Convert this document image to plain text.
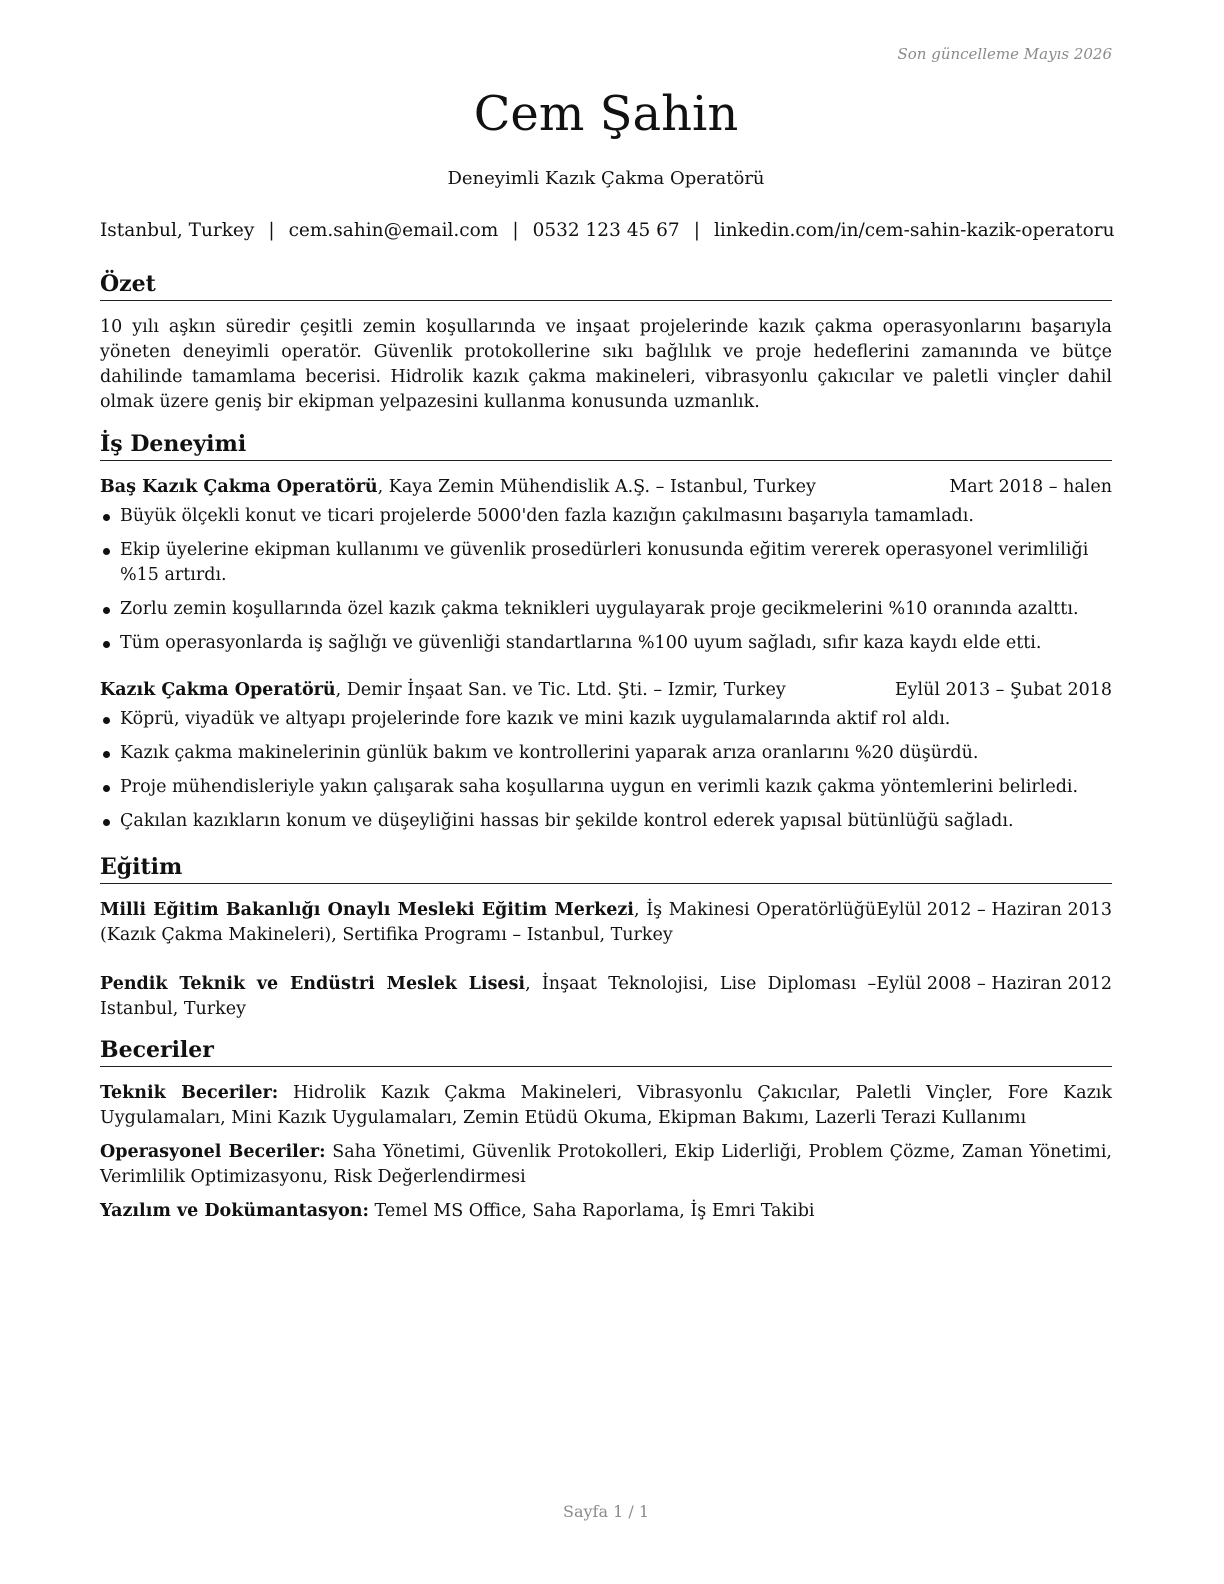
Son güncelleme Mayıs 2026
Cem Şahin
Deneyimli Kazık Çakma Operatörü
Istanbul, Turkey | cem.sahin@email.com | 0532 123 45 67 | linkedin.com/in/cem-sahin-kazik-operatoru
Özet

10 yılı aşkın süredir çeşitli zemin koşullarında ve inşaat projelerinde kazık çakma operasyonlarını başarıyla yöneten deneyimli operatör. Güvenlik protokollerine sıkı bağlılık ve proje hedeflerini zamanında ve bütçe dahilinde tamamlama becerisi. Hidrolik kazık çakma makineleri, vibrasyonlu çakıcılar ve paletli vinçler dahil olmak üzere geniş bir ekipman yelpazesini kullanma konusunda uzmanlık.

İş Deneyimi
Baş Kazık Çakma Operatörü, Kaya Zemin Mühendislik A.Ş. – Istanbul, Turkey	Mart 2018 – halen
Büyük ölçekli konut ve ticari projelerde 5000'den fazla kazığın çakılmasını başarıyla tamamladı.
Ekip üyelerine ekipman kullanımı ve güvenlik prosedürleri konusunda eğitim vererek operasyonel verimliliği %15 artırdı.
Zorlu zemin koşullarında özel kazık çakma teknikleri uygulayarak proje gecikmelerini %10 oranında azalttı.
Tüm operasyonlarda iş sağlığı ve güvenliği standartlarına %100 uyum sağladı, sıfır kaza kaydı elde etti.
Kazık Çakma Operatörü, Demir İnşaat San. ve Tic. Ltd. Şti. – Izmir, Turkey	Eylül 2013 – Şubat 2018
Köprü, viyadük ve altyapı projelerinde fore kazık ve mini kazık uygulamalarında aktif rol aldı.
Kazık çakma makinelerinin günlük bakım ve kontrollerini yaparak arıza oranlarını %20 düşürdü.
Proje mühendisleriyle yakın çalışarak saha koşullarına uygun en verimli kazık çakma yöntemlerini belirledi.
Çakılan kazıkların konum ve düşeyliğini hassas bir şekilde kontrol ederek yapısal bütünlüğü sağladı.
Eğitim
Milli Eğitim Bakanlığı Onaylı Mesleki Eğitim Merkezi, İş Makinesi Operatörlüğü (Kazık Çakma Makineleri), Sertifika Programı – Istanbul, Turkey
Eylül 2012 – Haziran 2013
Pendik Teknik ve Endüstri Meslek Lisesi, İnşaat Teknolojisi, Lise Diploması – Istanbul, Turkey
Eylül 2008 – Haziran 2012
Beceriler
Teknik Beceriler: Hidrolik Kazık Çakma Makineleri, Vibrasyonlu Çakıcılar, Paletli Vinçler, Fore Kazık Uygulamaları, Mini Kazık Uygulamaları, Zemin Etüdü Okuma, Ekipman Bakımı, Lazerli Terazi Kullanımı
Operasyonel Beceriler: Saha Yönetimi, Güvenlik Protokolleri, Ekip Liderliği, Problem Çözme, Zaman Yönetimi, Verimlilik Optimizasyonu, Risk Değerlendirmesi
Yazılım ve Dokümantasyon: Temel MS Office, Saha Raporlama, İş Emri Takibi
Sayfa 1 / 1
